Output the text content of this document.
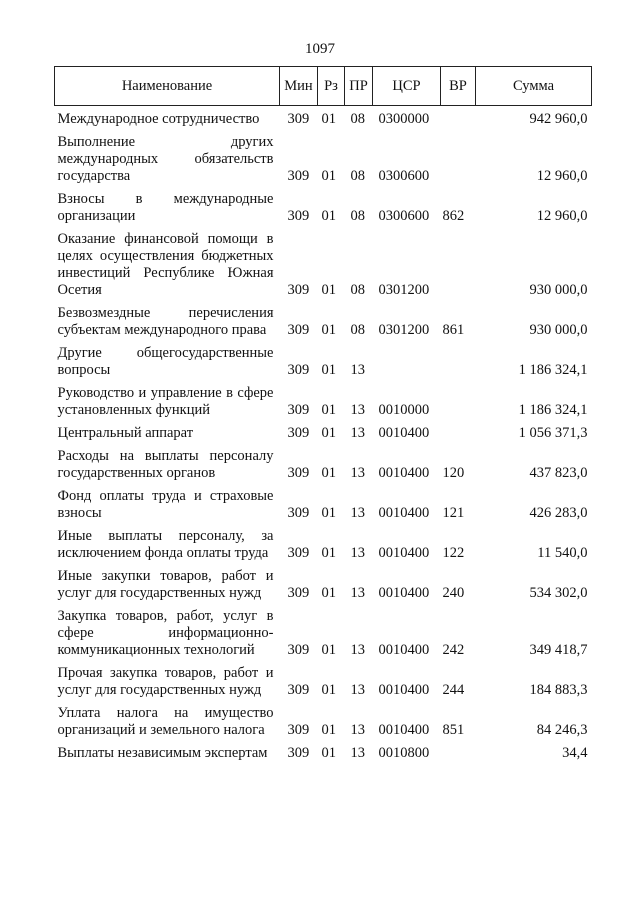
1097
Наименование	Мин	Рз	ПР	ЦСР	ВР	Сумма
Международное сотрудничество	309	01	08	0300000		942 960,0
Выполнение других международных обязательств государства	309	01	08	0300600		12 960,0
Взносы в международные организации	309	01	08	0300600	862	12 960,0
Оказание финансовой помощи в целях осуществления бюджетных инвестиций Республике Южная Осетия	309	01	08	0301200		930 000,0
Безвозмездные перечисления субъектам международного права	309	01	08	0301200	861	930 000,0
Другие общегосударственные вопросы	309	01	13			1 186 324,1
Руководство и управление в сфере установленных функций	309	01	13	0010000		1 186 324,1
Центральный аппарат	309	01	13	0010400		1 056 371,3
Расходы на выплаты персоналу государственных органов	309	01	13	0010400	120	437 823,0
Фонд оплаты труда и страховые взносы	309	01	13	0010400	121	426 283,0
Иные выплаты персоналу, за исключением фонда оплаты труда	309	01	13	0010400	122	11 540,0
Иные закупки товаров, работ и услуг для государственных нужд	309	01	13	0010400	240	534 302,0
Закупка товаров, работ, услуг в сфере информационно-коммуникационных технологий	309	01	13	0010400	242	349 418,7
Прочая закупка товаров, работ и услуг для государственных нужд	309	01	13	0010400	244	184 883,3
Уплата налога на имущество организаций и земельного налога	309	01	13	0010400	851	84 246,3
Выплаты независимым экспертам	309	01	13	0010800		34,4
